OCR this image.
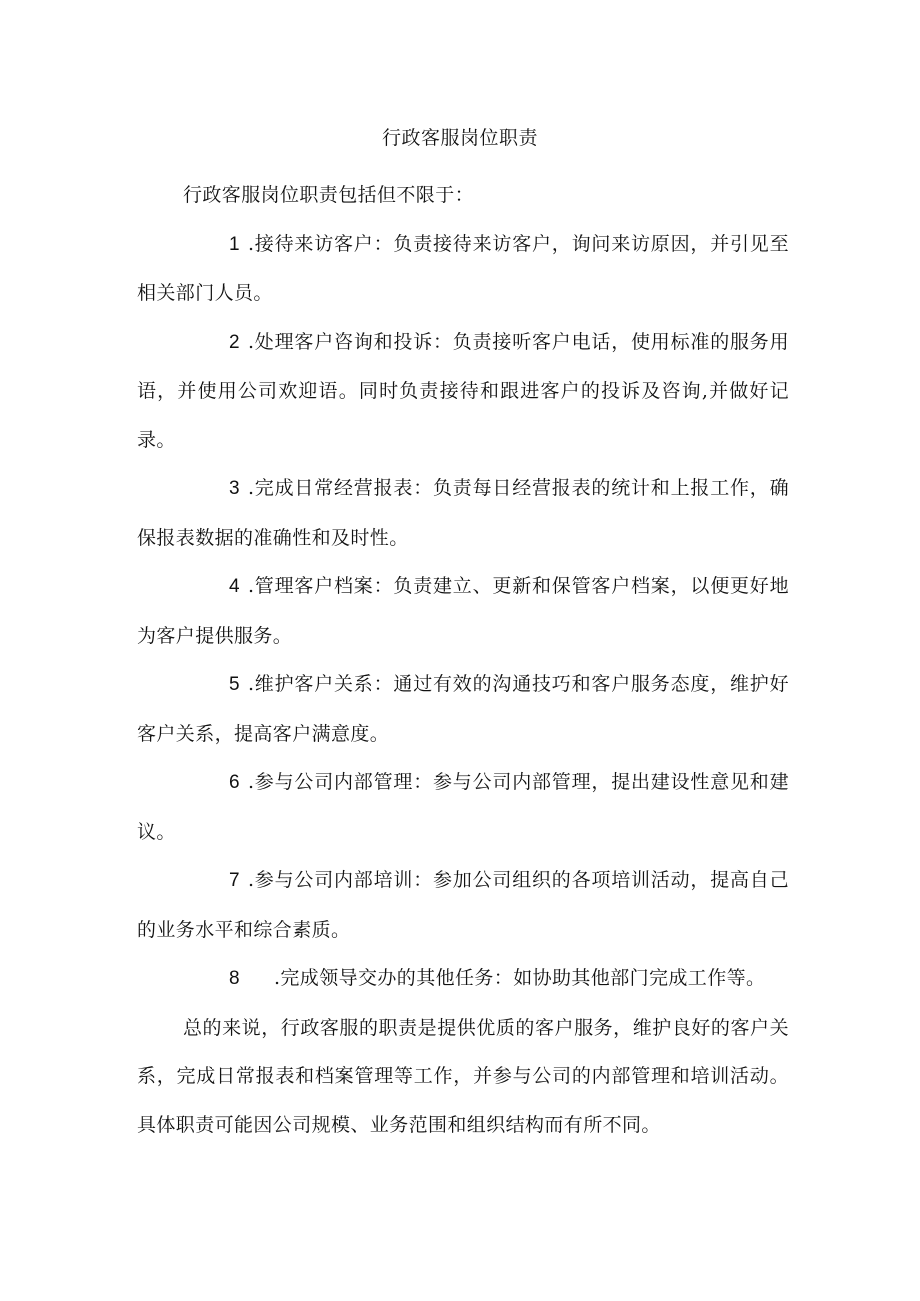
行政客服岗位职责

行政客服岗位职责包括但不限于：

1 .接待来访客户：负责接待来访客户，询问来访原因，并引见至相关部门人员。

2 .处理客户咨询和投诉：负责接听客户电话，使用标准的服务用语，并使用公司欢迎语。同时负责接待和跟进客户的投诉及咨询,并做好记录。

3 .完成日常经营报表：负责每日经营报表的统计和上报工作，确保报表数据的准确性和及时性。

4 .管理客户档案：负责建立、更新和保管客户档案，以便更好地为客户提供服务。

5 .维护客户关系：通过有效的沟通技巧和客户服务态度，维护好客户关系，提高客户满意度。

6 .参与公司内部管理：参与公司内部管理，提出建设性意见和建议。

7 .参与公司内部培训：参加公司组织的各项培训活动，提高自己的业务水平和综合素质。

8 .完成领导交办的其他任务：如协助其他部门完成工作等。

总的来说，行政客服的职责是提供优质的客户服务，维护良好的客户关系，完成日常报表和档案管理等工作，并参与公司的内部管理和培训活动。具体职责可能因公司规模、业务范围和组织结构而有所不同。
